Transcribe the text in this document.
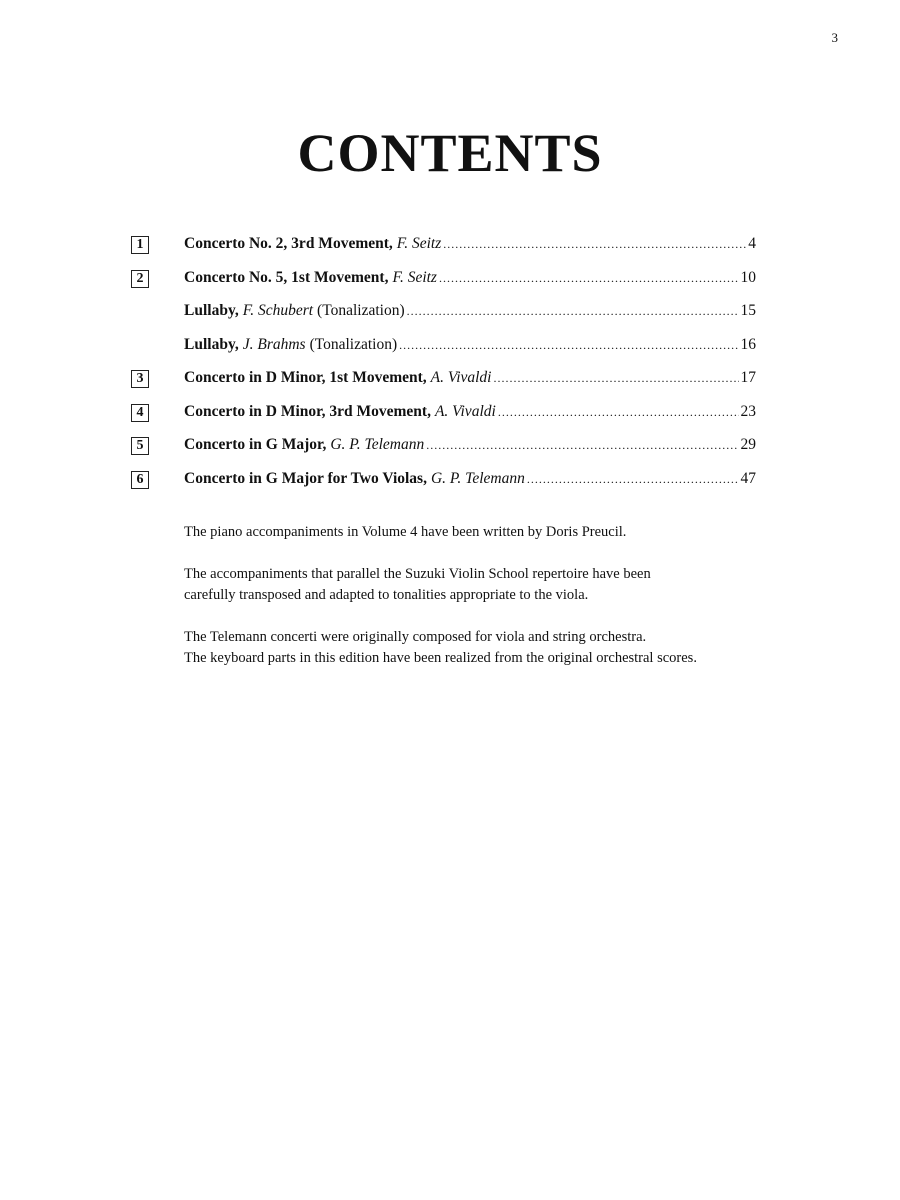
3
CONTENTS
1	Concerto No. 2, 3rd Movement, F. Seitz .....	4
2	Concerto No. 5, 1st Movement, F. Seitz .....	10
Lullaby, F. Schubert (Tonalization) .....	15
Lullaby, J. Brahms (Tonalization) .....	16
3	Concerto in D Minor, 1st Movement, A. Vivaldi .....	17
4	Concerto in D Minor, 3rd Movement, A. Vivaldi .....	23
5	Concerto in G Major, G. P. Telemann .....	29
6	Concerto in G Major for Two Violas, G. P. Telemann .....	47

The piano accompaniments in Volume 4 have been written by Doris Preucil.

The accompaniments that parallel the Suzuki Violin School repertoire have been
carefully transposed and adapted to tonalities appropriate to the viola.

The Telemann concerti were originally composed for viola and string orchestra.
The keyboard parts in this edition have been realized from the original orchestral scores.
